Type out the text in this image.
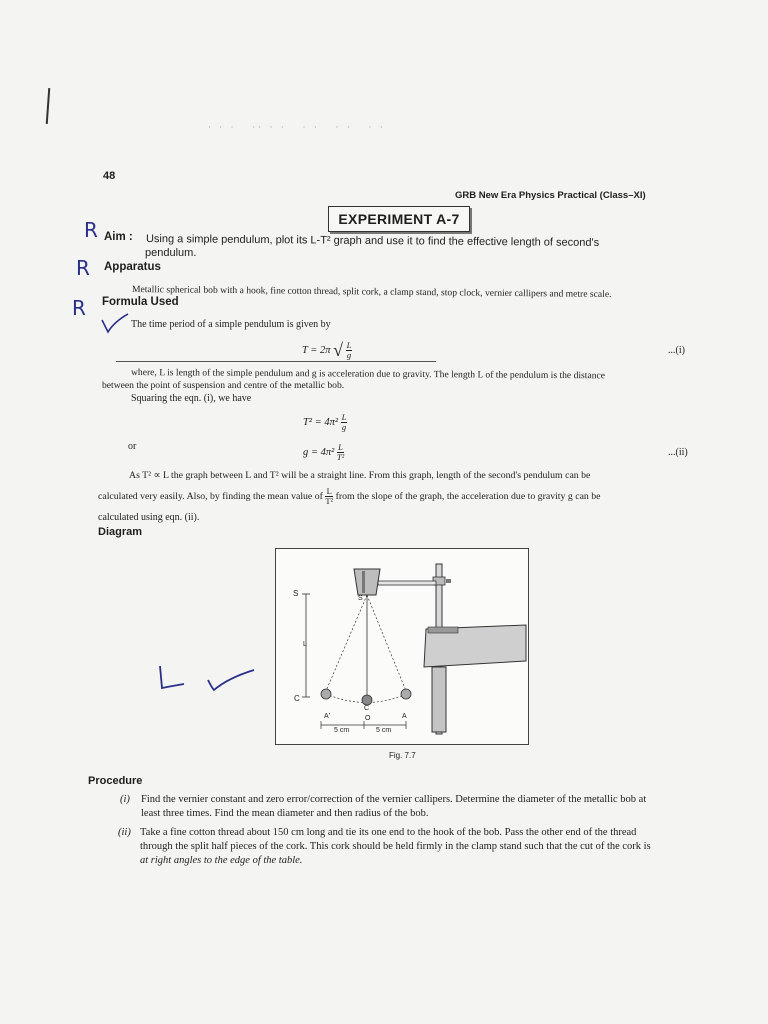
· · ·   ·· · ·   · ·   · ·   · ·
48
GRB New Era Physics Practical (Class–XI)
EXPERIMENT A-7
R Aim : Using a simple pendulum, plot its L-T² graph and use it to find the effective length of second's
pendulum.
R Apparatus
Metallic spherical bob with a hook, fine cotton thread, split cork, a clamp stand, stop clock, vernier callipers and metre scale.
R Formula Used
The time period of a simple pendulum is given by
T = 2π √ $\frac{L}{g}$	...(i)
where, L is length of the simple pendulum and g is acceleration due to gravity. The length L of the pendulum is the distance
between the point of suspension and centre of the metallic bob.
Squaring the eqn. (i), we have
$T^2 = 4\pi^2 \frac{L}{g}$
or
$g = 4\pi^2 \frac{L}{\text{T²}}$	...(ii)
As T² ∝ L the graph between L and T² will be a straight line. From this graph, length of the second's pendulum can be
calculated very easily. Also, by finding the mean value of $\frac{L}{\text{T²}}$ from the slope of the graph, the acceleration due to gravity g can be
calculated using eqn. (ii).
Diagram
S
S
L
C
C
A'	O	A
5 cm	5 cm
Fig. 7.7
Procedure
(i) Find the vernier constant and zero error/correction of the vernier callipers. Determine the diameter of the metallic bob at
least three times. Find the mean diameter and then radius of the bob.
(ii) Take a fine cotton thread about 150 cm long and tie its one end to the hook of the bob. Pass the other end of the thread
through the split half pieces of the cork. This cork should be held firmly in the clamp stand such that the cut of the cork is
at right angles to the edge of the table.
